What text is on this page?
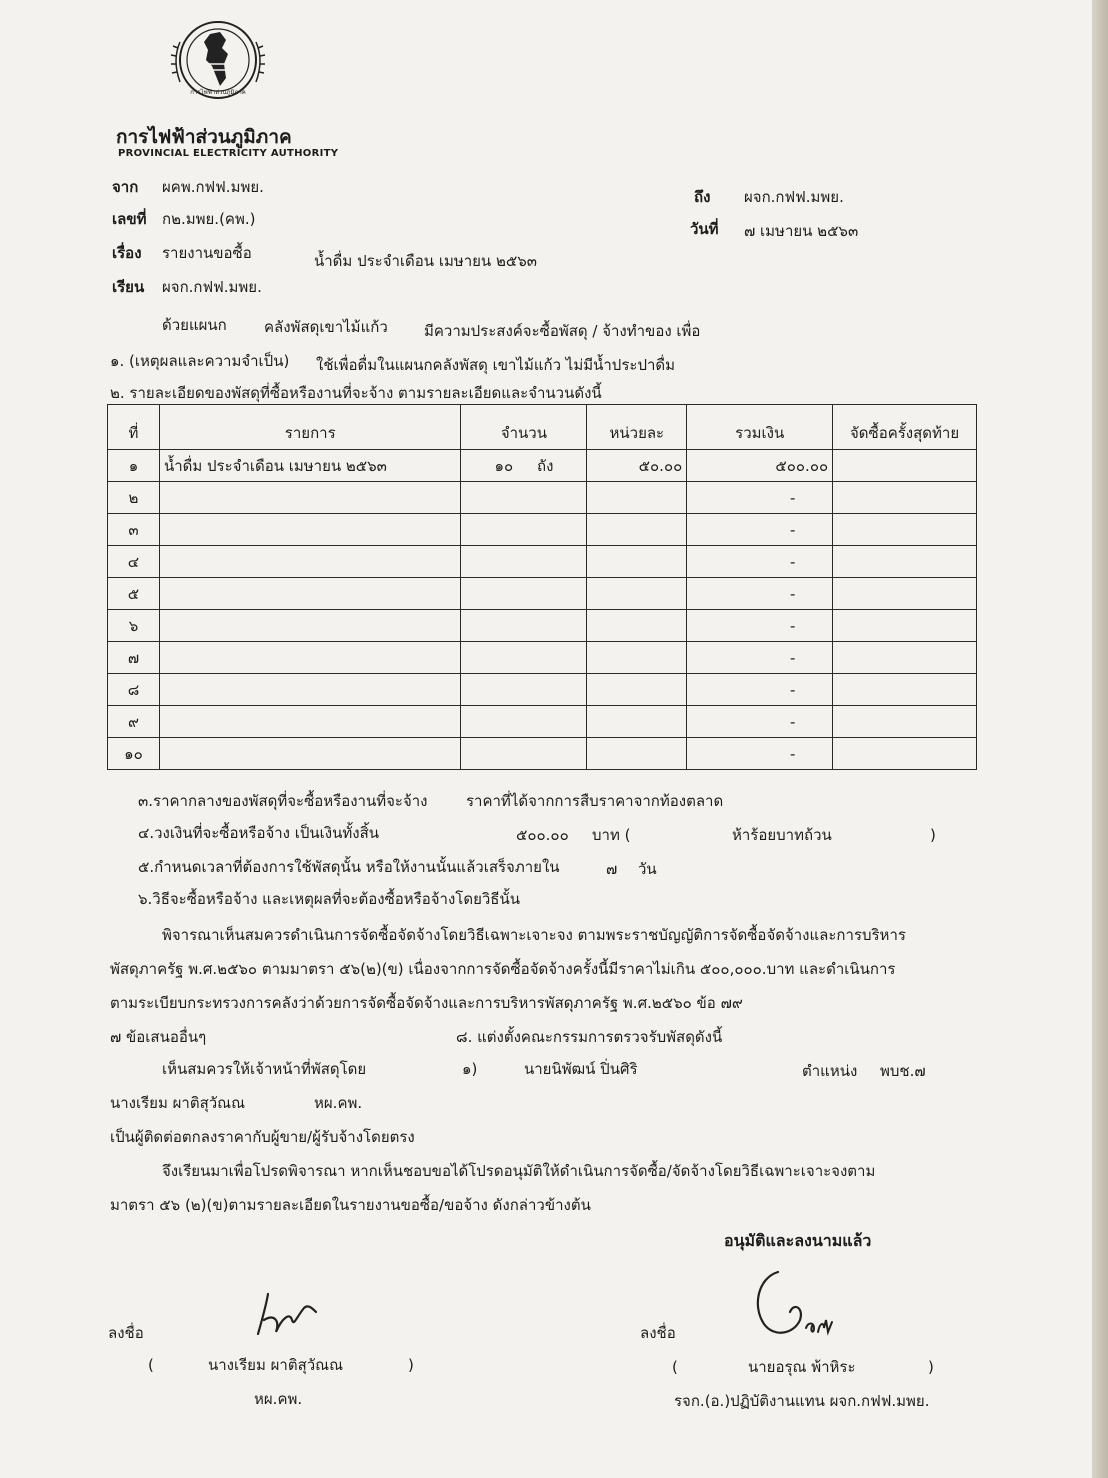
การไฟฟ้าส่วนภูมิภาค
การไฟฟ้าส่วนภูมิภาค
PROVINCIAL ELECTRICITY AUTHORITY
จาก ผคพ.กฟฟ.มพย.
ถึง ผจก.กฟฟ.มพย.
เลขที่ ก๒.มพย.(คพ.)
วันที่ ๗ เมษายน ๒๕๖๓
เรื่อง รายงานขอซื้อ	น้ำดื่ม ประจำเดือน เมษายน ๒๕๖๓
เรียน ผจก.กฟฟ.มพย.
ด้วยแผนก คลังพัสดุเขาไม้แก้ว มีความประสงค์จะซื้อพัสดุ / จ้างทำของ เพื่อ
๑. (เหตุผลและความจำเป็น) ใช้เพื่อดื่มในแผนกคลังพัสดุ เขาไม้แก้ว ไม่มีน้ำประปาดื่ม
๒. รายละเอียดของพัสดุที่ซื้อหรืองานที่จะจ้าง ตามรายละเอียดและจำนวนดังนี้
ที่	รายการ	จำนวน	หน่วยละ	รวมเงิน	จัดซื้อครั้งสุดท้าย
๑	น้ำดื่ม ประจำเดือน เมษายน ๒๕๖๓	๑๐ ถัง	๕๐.๐๐	๕๐๐.๐๐	
๒				-	
๓				-	
๔				-	
๕				-	
๖				-	
๗				-	
๘				-	
๙				-	
๑๐				-	
๓.ราคากลางของพัสดุที่จะซื้อหรืองานที่จะจ้าง	ราคาที่ได้จากการสืบราคาจากท้องตลาด
๔.วงเงินที่จะซื้อหรือจ้าง เป็นเงินทั้งสิ้น	๕๐๐.๐๐ บาท (	ห้าร้อยบาทถ้วน	)
๕.กำหนดเวลาที่ต้องการใช้พัสดุนั้น หรือให้งานนั้นแล้วเสร็จภายใน	๗ วัน
๖.วิธีจะซื้อหรือจ้าง และเหตุผลที่จะต้องซื้อหรือจ้างโดยวิธีนั้น
พิจารณาเห็นสมควรดำเนินการจัดซื้อจัดจ้างโดยวิธีเฉพาะเจาะจง ตามพระราชบัญญัติการจัดซื้อจัดจ้างและการบริหาร
พัสดุภาครัฐ พ.ศ.๒๕๖๐ ตามมาตรา ๕๖(๒)(ข) เนื่องจากการจัดซื้อจัดจ้างครั้งนี้มีราคาไม่เกิน ๕๐๐,๐๐๐.บาท และดำเนินการ
ตามระเบียบกระทรวงการคลังว่าด้วยการจัดซื้อจัดจ้างและการบริหารพัสดุภาครัฐ พ.ศ.๒๕๖๐ ข้อ ๗๙
๗ ข้อเสนออื่นๆ	๘. แต่งตั้งคณะกรรมการตรวจรับพัสดุดังนี้
เห็นสมควรให้เจ้าหน้าที่พัสดุโดย	๑)	นายนิพัฒน์ ปิ่นศิริ	ตำแหน่ง พบช.๗
นางเรียม ผาติสุวัณณ	หผ.คพ.
เป็นผู้ติดต่อตกลงราคากับผู้ขาย/ผู้รับจ้างโดยตรง
จึงเรียนมาเพื่อโปรดพิจารณา หากเห็นชอบขอได้โปรดอนุมัติให้ดำเนินการจัดซื้อ/จัดจ้างโดยวิธีเฉพาะเจาะจงตาม
มาตรา ๕๖ (๒)(ข)ตามรายละเอียดในรายงานขอซื้อ/ขอจ้าง ดังกล่าวข้างต้น
อนุมัติและลงนามแล้ว
ลงชื่อ	ลงชื่อ
(	นางเรียม ผาติสุวัณณ	)	(	นายอรุณ พ้าหิระ	)
หผ.คพ.	รจก.(อ.)ปฏิบัติงานแทน ผจก.กฟฟ.มพย.
